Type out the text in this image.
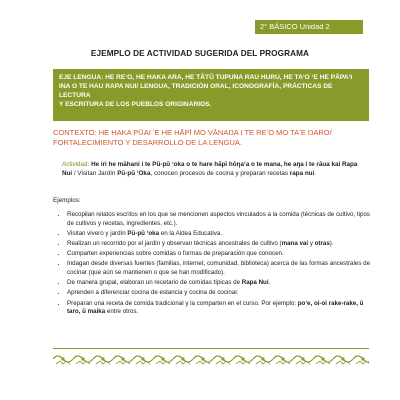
2° BÁSICO Unidad 2
EJEMPLO DE ACTIVIDAD SUGERIDA DEL PROGRAMA
EJE LENGUA: HE REʻO, HE HAKA ARA, HE TĀTŪ TUPUNA RAU HURU, HE TAʻO ʻE HE PĀPAʻI
INA O TE HAU RAPA NUI/ LENGUA, TRADICIÓN ORAL, ICONOGRAFÍA, PRÁCTICAS DE LECTURA
Y ESCRITURA DE LOS PUEBLOS ORIGINARIOS.
CONTEXTO: HE HAKA PŪAI ʻE HE HĀPĪ MO VĀNAŊA I TE REʻO MO TAʻE ŊARO/
FORTALECIMIENTO Y DESARROLLO DE LA LENGUA.
Actividad: He iri he māhani i te Pū-pū ʻoka o te hare hāpī hōŋaʻa o te mana, he aŋa i te rāua kai Rapa Nui / Visitan Jardín Pū-pū ʻOka, conocen procesos de cocina y preparan recetas rapa nui.
Ejemplos:
• Recopilan relatos escritos en los que se mencionen aspectos vinculados a la comida (técnicas de cultivo, tipos de cultivos y recetas, ingredientes, etc.).
• Visitan vivero y jardín Pū-pū ʻoka en la Aldea Educativa.
• Realizan un recorrido por el jardín y observan técnicas ancestrales de cultivo (mana vai y otras).
• Comparten experiencias sobre comidas o formas de preparación que conocen.
• Indagan desde diversas fuentes (familias, internet, comunidad, biblioteca) acerca de las formas ancestrales de cocinar (que aún se mantienen o que se han modificado).
• De manera grupal, elaboran un recetario de comidas típicas de Rapa Nui.
• Aprenden a diferenciar cocina de estancia y cocina de cocinar.
• Preparan una receta de comida tradicional y la comparten en el curso. Por ejemplo: poʻe, oi-oi rake-rake, ū taro, ū maika entre otros.
